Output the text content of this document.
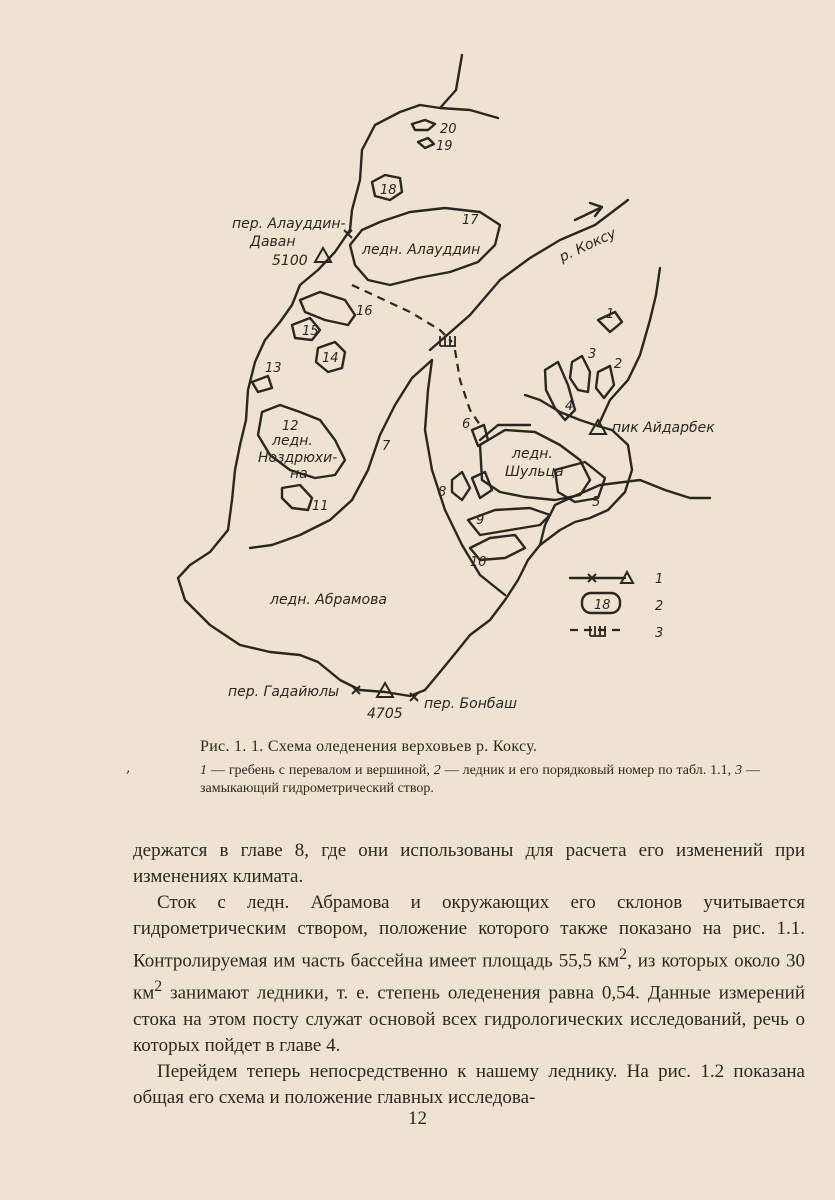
пер. Алауддин-
Даван
5100
ледн. Алауддин	р. Коксу
пик Айдарбек
ледн.
Шульца
ледн.
Ноздрюхи-
на
ледн. Абрамова
пер. Гадайюлы
4705
пер. Бонбаш
20
19
18
17
16
15
14
13
12
11
7
6
8
9
10
1
2
3
4
5
18
1
2
3
,

Рис. 1. 1. Схема оледенения верховьев р. Коксу.

1 — гребень с перевалом и вершиной, 2 — ледник и его порядковый номер по табл. 1.1, 3 — замыкающий гидрометрический створ.

держатся в главе 8, где они использованы для расчета его изменений при изменениях климата.

Сток с ледн. Абрамова и окружающих его склонов учитывается гидрометрическим створом, положение которого также показано на рис. 1.1. Контролируемая им часть бассейна имеет площадь 55,5 $км^2$, из которых около 30 $км^2$ занимают ледники, т. е. степень оледенения равна 0,54. Данные измерений стока на этом посту служат основой всех гидрологических исследований, речь о которых пойдет в главе 4.

Перейдем теперь непосредственно к нашему леднику. На рис. 1.2 показана общая его схема и положение главных исследова-

12
